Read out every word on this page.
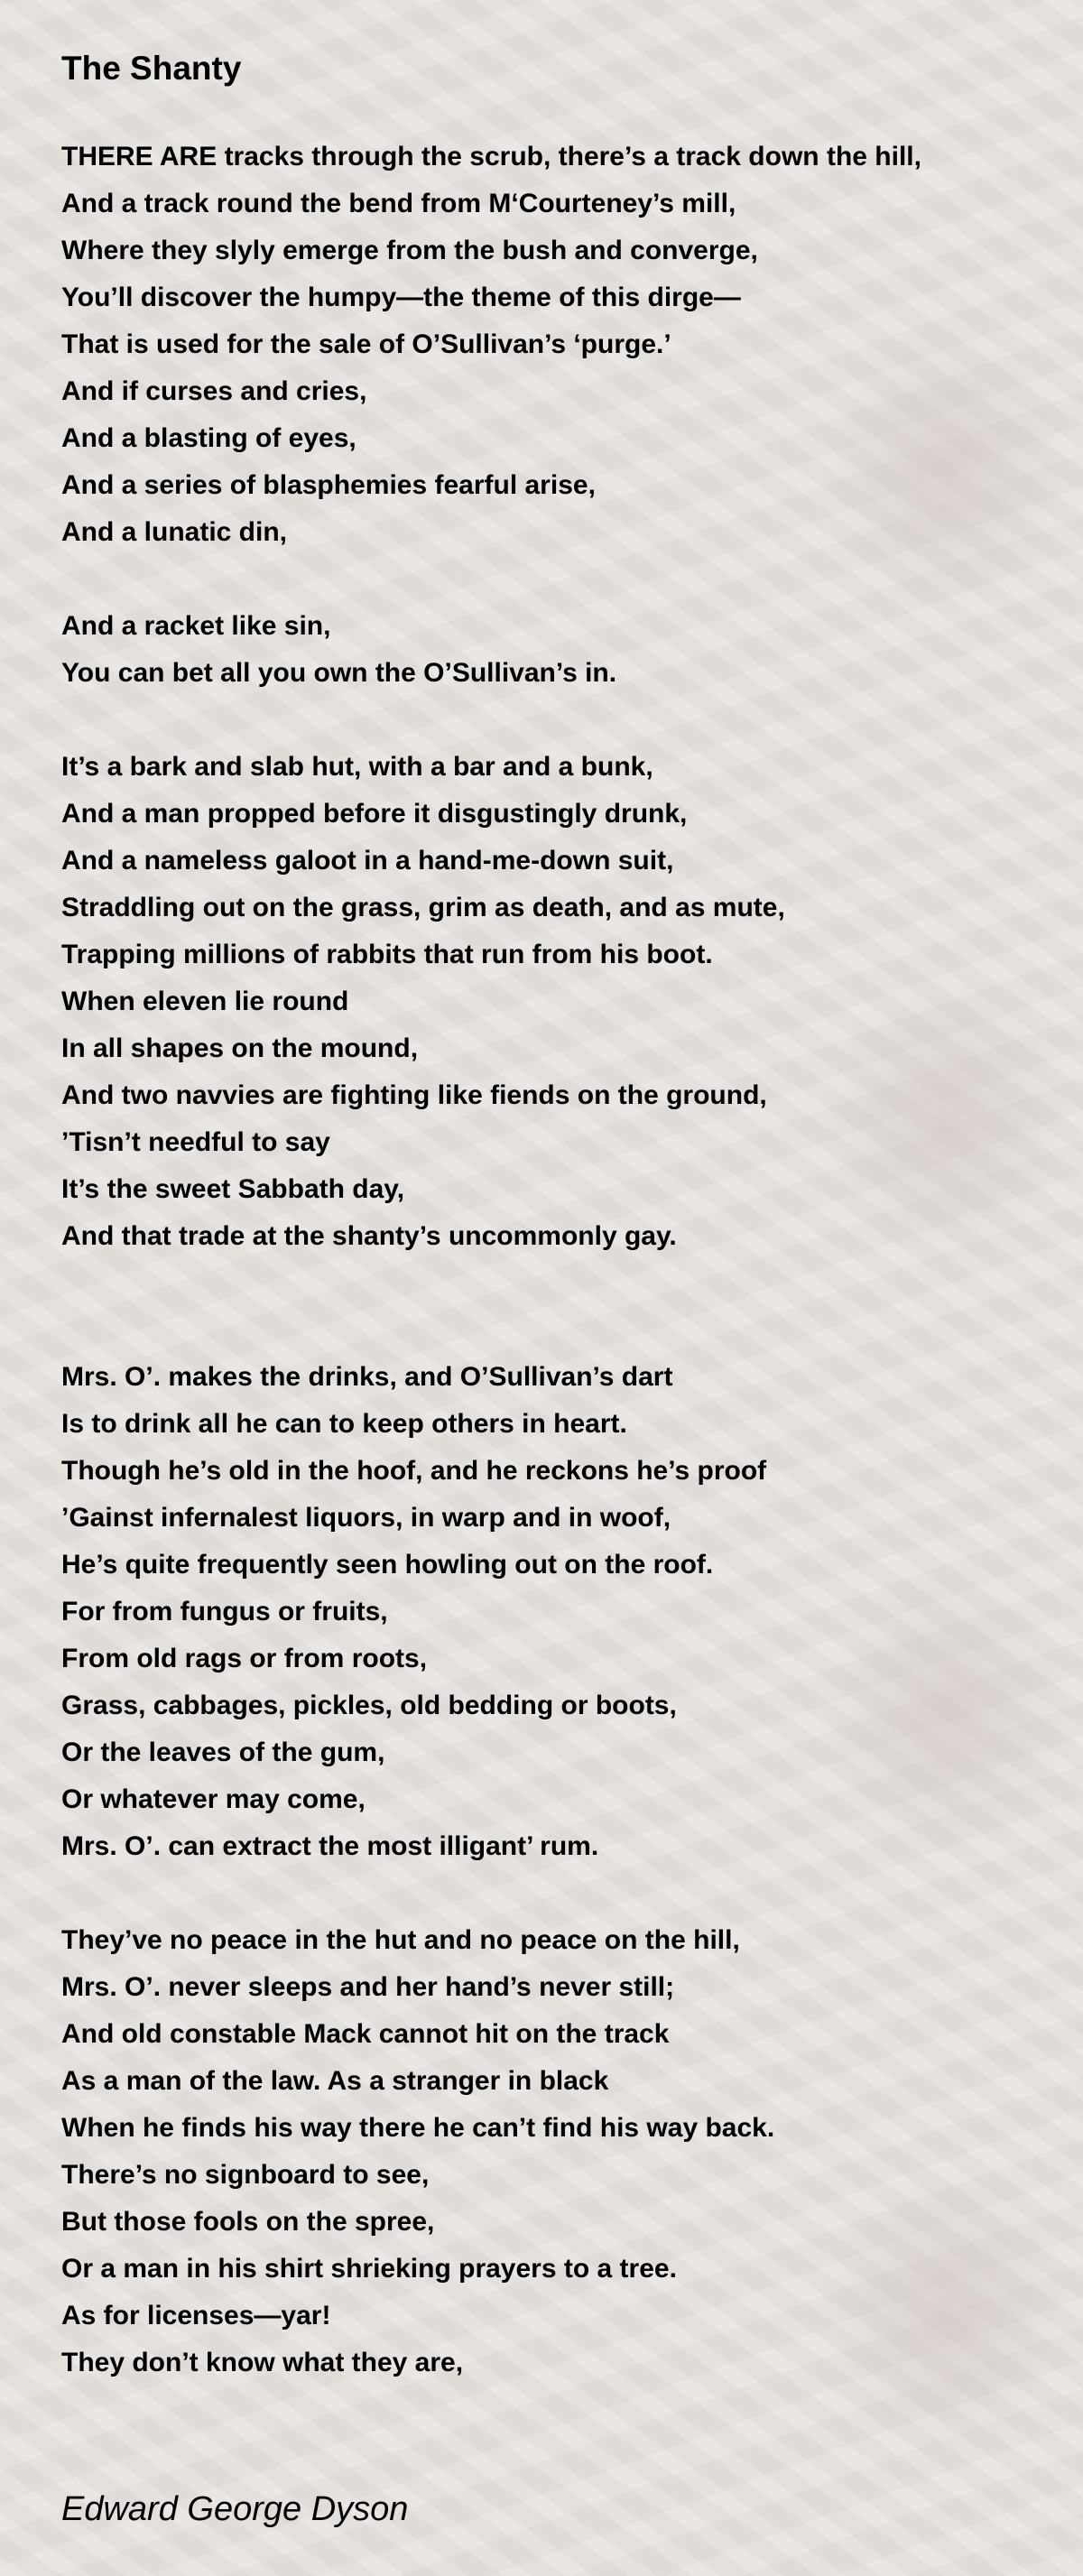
The Shanty
THERE ARE tracks through the scrub, there’s a track down the hill,
And a track round the bend from M‘Courteney’s mill,
Where they slyly emerge from the bush and converge,
You’ll discover the humpy—the theme of this dirge—
That is used for the sale of O’Sullivan’s ‘purge.’
And if curses and cries,
And a blasting of eyes,
And a series of blasphemies fearful arise,
And a lunatic din,
And a racket like sin,
You can bet all you own the O’Sullivan’s in.
It’s a bark and slab hut, with a bar and a bunk,
And a man propped before it disgustingly drunk,
And a nameless galoot in a hand-me-down suit,
Straddling out on the grass, grim as death, and as mute,
Trapping millions of rabbits that run from his boot.
When eleven lie round
In all shapes on the mound,
And two navvies are fighting like fiends on the ground,
’Tisn’t needful to say
It’s the sweet Sabbath day,
And that trade at the shanty’s uncommonly gay.
Mrs. O’. makes the drinks, and O’Sullivan’s dart
Is to drink all he can to keep others in heart.
Though he’s old in the hoof, and he reckons he’s proof
’Gainst infernalest liquors, in warp and in woof,
He’s quite frequently seen howling out on the roof.
For from fungus or fruits,
From old rags or from roots,
Grass, cabbages, pickles, old bedding or boots,
Or the leaves of the gum,
Or whatever may come,
Mrs. O’. can extract the most illigant’ rum.
They’ve no peace in the hut and no peace on the hill,
Mrs. O’. never sleeps and her hand’s never still;
And old constable Mack cannot hit on the track
As a man of the law. As a stranger in black
When he finds his way there he can’t find his way back.
There’s no signboard to see,
But those fools on the spree,
Or a man in his shirt shrieking prayers to a tree.
As for licenses—yar!
They don’t know what they are,
Edward George Dyson
